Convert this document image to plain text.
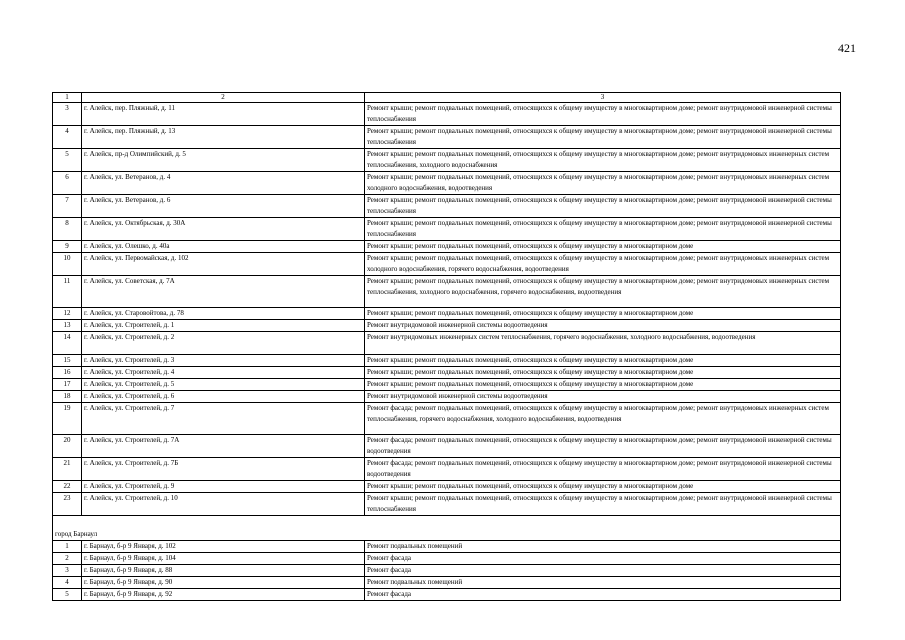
421
1	2	3
3	г. Алейск, пер. Пляжный, д. 11	Ремонт крыши; ремонт подвальных помещений, относящихся к общему имуществу в многоквартирном доме; ремонт внутридомовой инженерной системы теплоснабжения
4	г. Алейск, пер. Пляжный, д. 13	Ремонт крыши; ремонт подвальных помещений, относящихся к общему имуществу в многоквартирном доме; ремонт внутридомовой инженерной системы теплоснабжения
5	г. Алейск, пр-д Олимпийский, д. 5	Ремонт крыши; ремонт подвальных помещений, относящихся к общему имуществу в многоквартирном доме; ремонт внутридомовых инженерных систем теплоснабжения, холодного водоснабжения
6	г. Алейск, ул. Ветеранов, д. 4	Ремонт крыши; ремонт подвальных помещений, относящихся к общему имуществу в многоквартирном доме; ремонт внутридомовых инженерных систем холодного водоснабжения, водоотведения
7	г. Алейск, ул. Ветеранов, д. 6	Ремонт крыши; ремонт подвальных помещений, относящихся к общему имуществу в многоквартирном доме; ремонт внутридомовой инженерной системы теплоснабжения
8	г. Алейск, ул. Октябрьская, д. 30А	Ремонт крыши; ремонт подвальных помещений, относящихся к общему имуществу в многоквартирном доме; ремонт внутридомовой инженерной системы теплоснабжения
9	г. Алейск, ул. Олешко, д. 40а	Ремонт крыши; ремонт подвальных помещений, относящихся к общему имуществу в многоквартирном доме
10	г. Алейск, ул. Первомайская, д. 102	Ремонт крыши; ремонт подвальных помещений, относящихся к общему имуществу в многоквартирном доме; ремонт внутридомовых инженерных систем холодного водоснабжения, горячего водоснабжения, водоотведения
11	г. Алейск, ул. Советская, д. 7А	Ремонт крыши; ремонт подвальных помещений, относящихся к общему имуществу в многоквартирном доме; ремонт внутридомовых инженерных систем теплоснабжения, холодного водоснабжения, горячего водоснабжения, водоотведения
12	г. Алейск, ул. Старовойтова, д. 78	Ремонт крыши; ремонт подвальных помещений, относящихся к общему имуществу в многоквартирном доме
13	г. Алейск, ул. Строителей, д. 1	Ремонт внутридомовой инженерной системы водоотведения
14	г. Алейск, ул. Строителей, д. 2	Ремонт внутридомовых инженерных систем теплоснабжения, горячего водоснабжения, холодного водоснабжения, водоотведения
15	г. Алейск, ул. Строителей, д. 3	Ремонт крыши; ремонт подвальных помещений, относящихся к общему имуществу в многоквартирном доме
16	г. Алейск, ул. Строителей, д. 4	Ремонт крыши; ремонт подвальных помещений, относящихся к общему имуществу в многоквартирном доме
17	г. Алейск, ул. Строителей, д. 5	Ремонт крыши; ремонт подвальных помещений, относящихся к общему имуществу в многоквартирном доме
18	г. Алейск, ул. Строителей, д. 6	Ремонт внутридомовой инженерной системы водоотведения
19	г. Алейск, ул. Строителей, д. 7	Ремонт фасада; ремонт подвальных помещений, относящихся к общему имуществу в многоквартирном доме; ремонт внутридомовых инженерных систем теплоснабжения, горячего водоснабжения, холодного водоснабжения, водоотведения
20	г. Алейск, ул. Строителей, д. 7А	Ремонт фасада; ремонт подвальных помещений, относящихся к общему имуществу в многоквартирном доме; ремонт внутридомовой инженерной системы водоотведения
21	г. Алейск, ул. Строителей, д. 7Б	Ремонт фасада; ремонт подвальных помещений, относящихся к общему имуществу в многоквартирном доме; ремонт внутридомовой инженерной системы водоотведения
22	г. Алейск, ул. Строителей, д. 9	Ремонт крыши; ремонт подвальных помещений, относящихся к общему имуществу в многоквартирном доме
23	г. Алейск, ул. Строителей, д. 10	Ремонт крыши; ремонт подвальных помещений, относящихся к общему имуществу в многоквартирном доме; ремонт внутридомовой инженерной системы теплоснабжения
город Барнаул		
1	г. Барнаул, б-р 9 Января, д. 102	Ремонт подвальных помещений
2	г. Барнаул, б-р 9 Января, д. 104	Ремонт фасада
3	г. Барнаул, б-р 9 Января, д. 88	Ремонт фасада
4	г. Барнаул, б-р 9 Января, д. 90	Ремонт подвальных помещений
5	г. Барнаул, б-р 9 Января, д. 92	Ремонт фасада
